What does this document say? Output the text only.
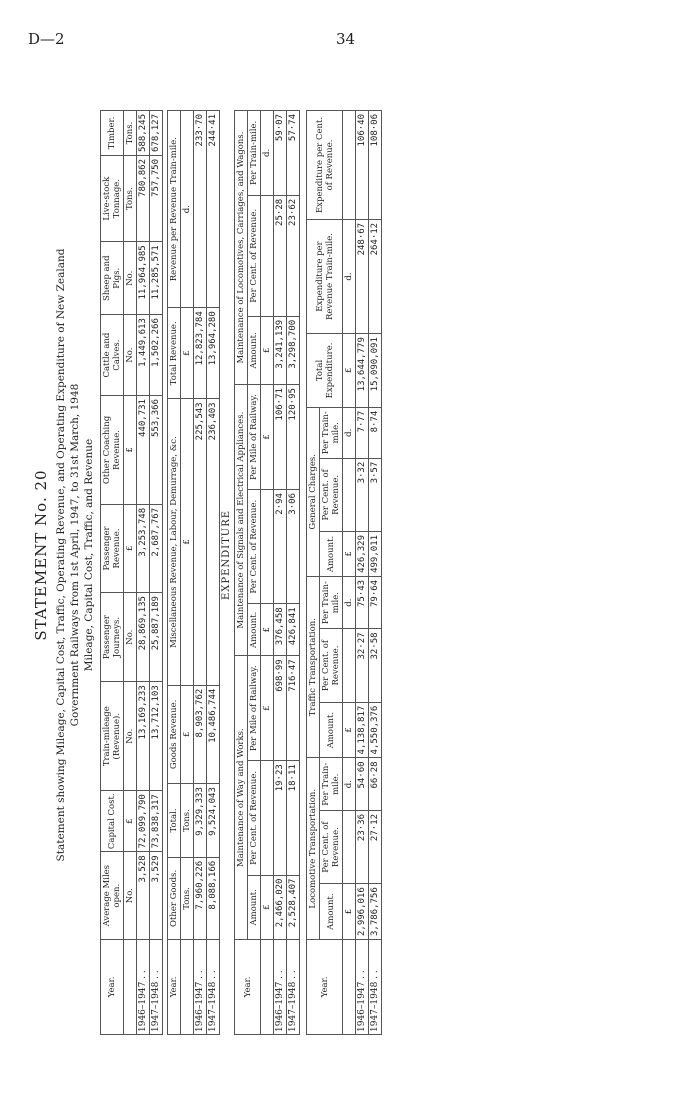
D—2	34
STATEMENT No. 20 Statement showing Mileage, Capital Cost, Traffic, Operating Revenue, and Operating Expenditure of New Zealand Government Railways from 1st April, 1947, to 31st March, 1948 Mileage, Capital Cost, Traffic, and Revenue
Year.	Average Miles open.	Capital Cost.	Train-mileage (Revenue).	Passenger Journeys.	Passenger Revenue.	Other Coaching Revenue.	Cattle and Calves.	Sheep and Pigs.	Live-stock Tonnage.	Timber.
	No.	£	No.	No.	£	£	No.	No.	Tons.	Tons.
1946–1947 . .	3,528	72,099,790	13,169,233	28,869,135	3,253,748	440,731	1,449,613	11,964,985	780,862	588,245
1947–1948 . .	3,529	73,838,317	13,712,103	25,887,189	2,687,767	553,366	1,502,266	11,285,571	757,750	678,127
Year.	Other Goods.	Total.	Goods Revenue.	Miscellaneous Revenue, Labour, Demurrage, &c.	Total Revenue.	Revenue per Revenue Train-mile.
	Tons.	Tons.	£	£	£	d.
1946–1947 . .	7,960,226	9,329,333	8,903,762	225,543	12,823,784	233·70
1947–1948 . .	8,088,166	9,524,043	10,486,744	236,403	13,964,280	244·41
EXPENDITURE
Year.	Maintenance of Way and Works.			Maintenance of Signals and Electrical Appliances.			Maintenance of Locomotives, Carriages, and Wagons.		
	Amount.	Per Cent. of Revenue.	Per Mile of Railway.	Amount.	Per Cent. of Revenue.	Per Mile of Railway.	Amount.	Per Cent. of Revenue.	Per Train-mile.
	£		£	£		£	£		d.
1946–1947 . .	2,466,020	19·23	698·99	376,458	2·94	106·71	3,241,139	25·28	59·07
1947–1948 . .	2,528,407	18·11	716·47	426,841	3·06	120·95	3,298,700	23·62	57·74
Year.	Locomotive Transportation.			Traffic Transportation.			General Charges.			Total Expenditure.	Expenditure per Revenue Train-mile.	Expenditure per Cent. of Revenue.
	Amount.	Per Cent. of Revenue.	Per Train-mile.	Amount.	Per Cent. of Revenue.	Per Train-mile.	Amount.	Per Cent. of Revenue.	Per Train-mile.			
	£		d.	£		d.	£		d.	£	d.	
1946–1947 . .	2,996,016	23·36	54·60	4,138,817	32·27	75·43	426,329	3·32	7·77	13,644,779	248·67	106·40
1947–1948 . .	3,786,756	27·12	66·28	4,550,376	32·58	79·64	499,011	3·57	8·74	15,090,091	264·12	108·06
